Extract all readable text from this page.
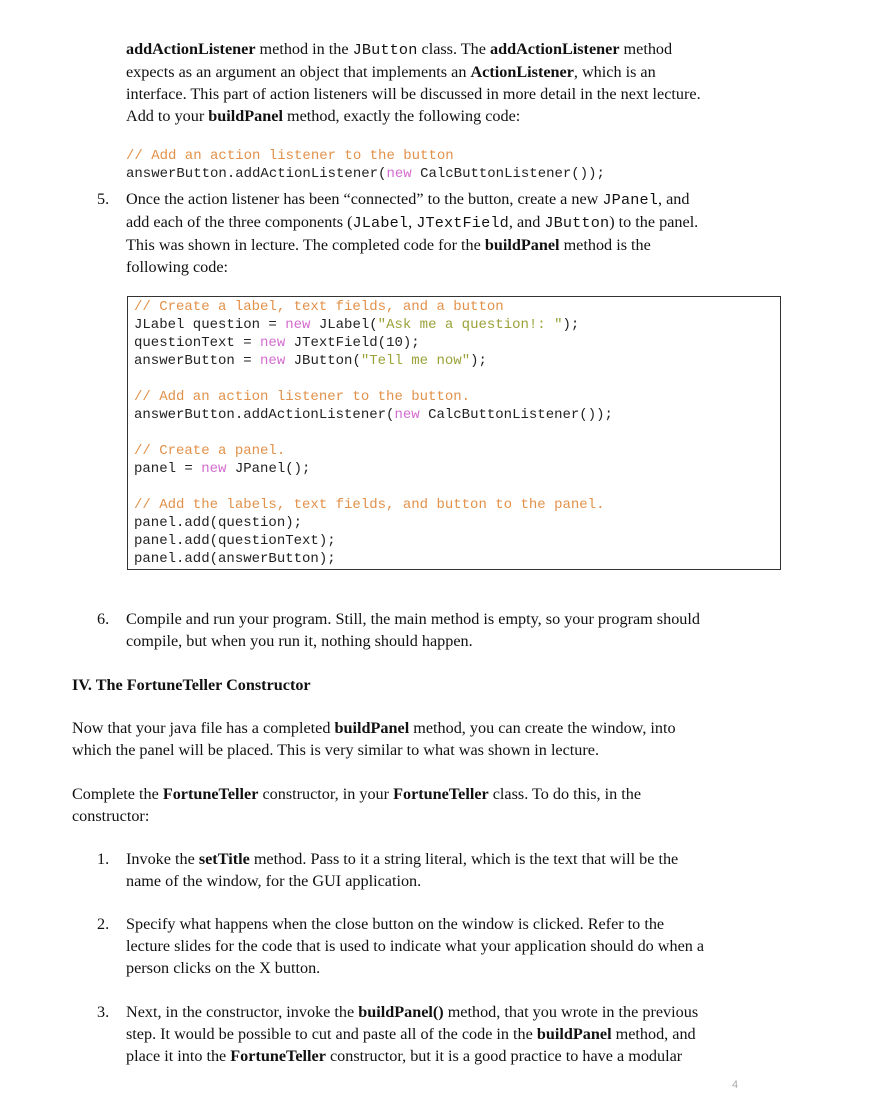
addActionListener method in the JButton class. The addActionListener method
expects as an argument an object that implements an ActionListener, which is an
interface. This part of action listeners will be discussed in more detail in the next lecture.
Add to your buildPanel method, exactly the following code:
// Add an action listener to the button
answerButton.addActionListener(new CalcButtonListener());
5. Once the action listener has been “connected” to the button, create a new JPanel, and
add each of the three components (JLabel, JTextField, and JButton) to the panel.
This was shown in lecture. The completed code for the buildPanel method is the
following code:
// Create a label, text fields, and a button
JLabel question = new JLabel("Ask me a question!: ");
questionText = new JTextField(10);
answerButton = new JButton("Tell me now");

// Add an action listener to the button.
answerButton.addActionListener(new CalcButtonListener());

// Create a panel.
panel = new JPanel();

// Add the labels, text fields, and button to the panel.
panel.add(question);
panel.add(questionText);
panel.add(answerButton);
6. Compile and run your program. Still, the main method is empty, so your program should
compile, but when you run it, nothing should happen.
IV. The FortuneTeller Constructor
Now that your java file has a completed buildPanel method, you can create the window, into
which the panel will be placed. This is very similar to what was shown in lecture.
Complete the FortuneTeller constructor, in your FortuneTeller class. To do this, in the
constructor:
1. Invoke the setTitle method. Pass to it a string literal, which is the text that will be the
name of the window, for the GUI application.
2. Specify what happens when the close button on the window is clicked. Refer to the
lecture slides for the code that is used to indicate what your application should do when a
person clicks on the X button.
3. Next, in the constructor, invoke the buildPanel() method, that you wrote in the previous
step. It would be possible to cut and paste all of the code in the buildPanel method, and
place it into the FortuneTeller constructor, but it is a good practice to have a modular
4
